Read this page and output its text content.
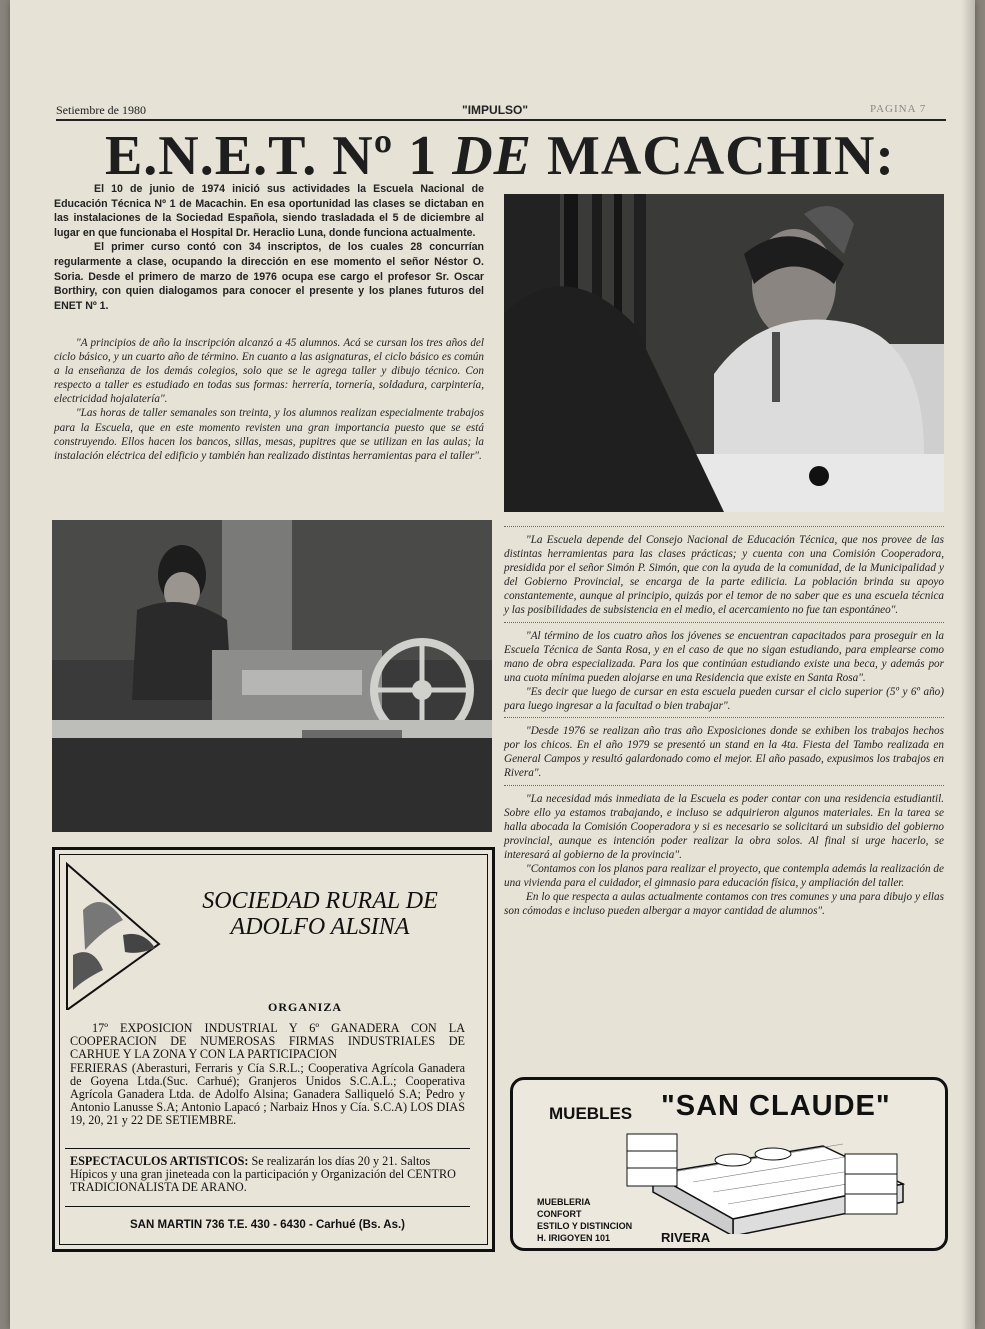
Setiembre de 1980	"IMPULSO"	PAGINA 7
E.N.E.T. Nº 1 DE MACACHIN:

El 10 de junio de 1974 inició sus actividades la Escuela Nacional de Educación Técnica Nº 1 de Macachin. En esa oportunidad las clases se dictaban en las instalaciones de la Sociedad Española, siendo trasladada el 5 de diciembre al lugar en que funcionaba el Hospital Dr. Heraclio Luna, donde funciona actualmente.

El primer curso contó con 34 inscriptos, de los cuales 28 concurrían regularmente a clase, ocupando la dirección en ese momento el señor Néstor O. Soria. Desde el primero de marzo de 1976 ocupa ese cargo el profesor Sr. Oscar Borthiry, con quien dialogamos para conocer el presente y los planes futuros del ENET Nº 1.

"A principios de año la inscripción alcanzó a 45 alumnos. Acá se cursan los tres años del ciclo básico, y un cuarto año de término. En cuanto a las asignaturas, el ciclo básico es común a la enseñanza de los demás colegios, solo que se le agrega taller y dibujo técnico. Con respecto a taller es estudiado en todas sus formas: herrería, tornería, soldadura, carpintería, electricidad hojalatería".

"Las horas de taller semanales son treinta, y los alumnos realizan especialmente trabajos para la Escuela, que en este momento revisten una gran importancia puesto que se está construyendo. Ellos hacen los bancos, sillas, mesas, pupitres que se utilizan en las aulas; la instalación eléctrica del edificio y también han realizado distintas herramientas para el taller".

"La Escuela depende del Consejo Nacional de Educación Técnica, que nos provee de las distintas herramientas para las clases prácticas; y cuenta con una Comisión Cooperadora, presidida por el señor Simón P. Simón, que con la ayuda de la comunidad, de la Municipalidad y del Gobierno Provincial, se encarga de la parte edilicia. La población brinda su apoyo constantemente, aunque al principio, quizás por el temor de no saber que es una escuela técnica y las posibilidades de subsistencia en el medio, el acercamiento no fue tan espontáneo".

"Al término de los cuatro años los jóvenes se encuentran capacitados para proseguir en la Escuela Técnica de Santa Rosa, y en el caso de que no sigan estudiando, para emplearse como mano de obra especializada. Para los que continúan estudiando existe una beca, y además por una cuota mínima pueden alojarse en una Residencia que existe en Santa Rosa".

"Es decir que luego de cursar en esta escuela pueden cursar el ciclo superior (5º y 6º año) para luego ingresar a la facultad o bien trabajar".

"Desde 1976 se realizan año tras año Exposiciones donde se exhiben los trabajos hechos por los chicos. En el año 1979 se presentó un stand en la 4ta. Fiesta del Tambo realizada en General Campos y resultó galardonado como el mejor. El año pasado, expusimos los trabajos en Rivera".

"La necesidad más inmediata de la Escuela es poder contar con una residencia estudiantil. Sobre ello ya estamos trabajando, e incluso se adquirieron algunos materiales. En la tarea se halla abocada la Comisión Cooperadora y si es necesario se solicitará un subsidio del gobierno provincial, aunque es intención poder realizar la obra solos. Al final si urge hacerlo, se interesará al gobierno de la provincia".

"Contamos con los planos para realizar el proyecto, que contempla además la realización de una vivienda para el cuidador, el gimnasio para educación física, y ampliación del taller.

En lo que respecta a aulas actualmente contamos con tres comunes y una para dibujo y ellas son cómodas e incluso pueden albergar a mayor cantidad de alumnos".

SOCIEDAD RURAL DE
ADOLFO ALSINA
ORGANIZA

17º EXPOSICION INDUSTRIAL Y 6º GANADERA CON LA COOPERACION DE NUMEROSAS FIRMAS INDUSTRIALES DE CARHUE Y LA ZONA Y CON LA PARTICIPACION

FERIERAS (Aberasturi, Ferraris y Cía S.R.L.; Cooperativa Agrícola Ganadera de Goyena Ltda.(Suc. Carhué); Granjeros Unidos S.C.A.L.; Cooperativa Agrícola Ganadera Ltda. de Adolfo Alsina; Ganadera Salliqueló S.A; Pedro y Antonio Lanusse S.A; Antonio Lapacó ; Narbaiz Hnos y Cía. S.C.A) LOS DIAS 19, 20, 21 y 22 DE SETIEMBRE.

ESPECTACULOS ARTISTICOS: Se realizarán los días 20 y 21. Saltos Hípicos y una gran jineteada con la participación y Organización del CENTRO TRADICIONALISTA DE ARANO.
SAN MARTIN 736 T.E. 430 - 6430 - Carhué (Bs. As.)
MUEBLES "SAN CLAUDE"
MUEBLERIA
CONFORT
ESTILO Y DISTINCION
H. IRIGOYEN 101	RIVERA
